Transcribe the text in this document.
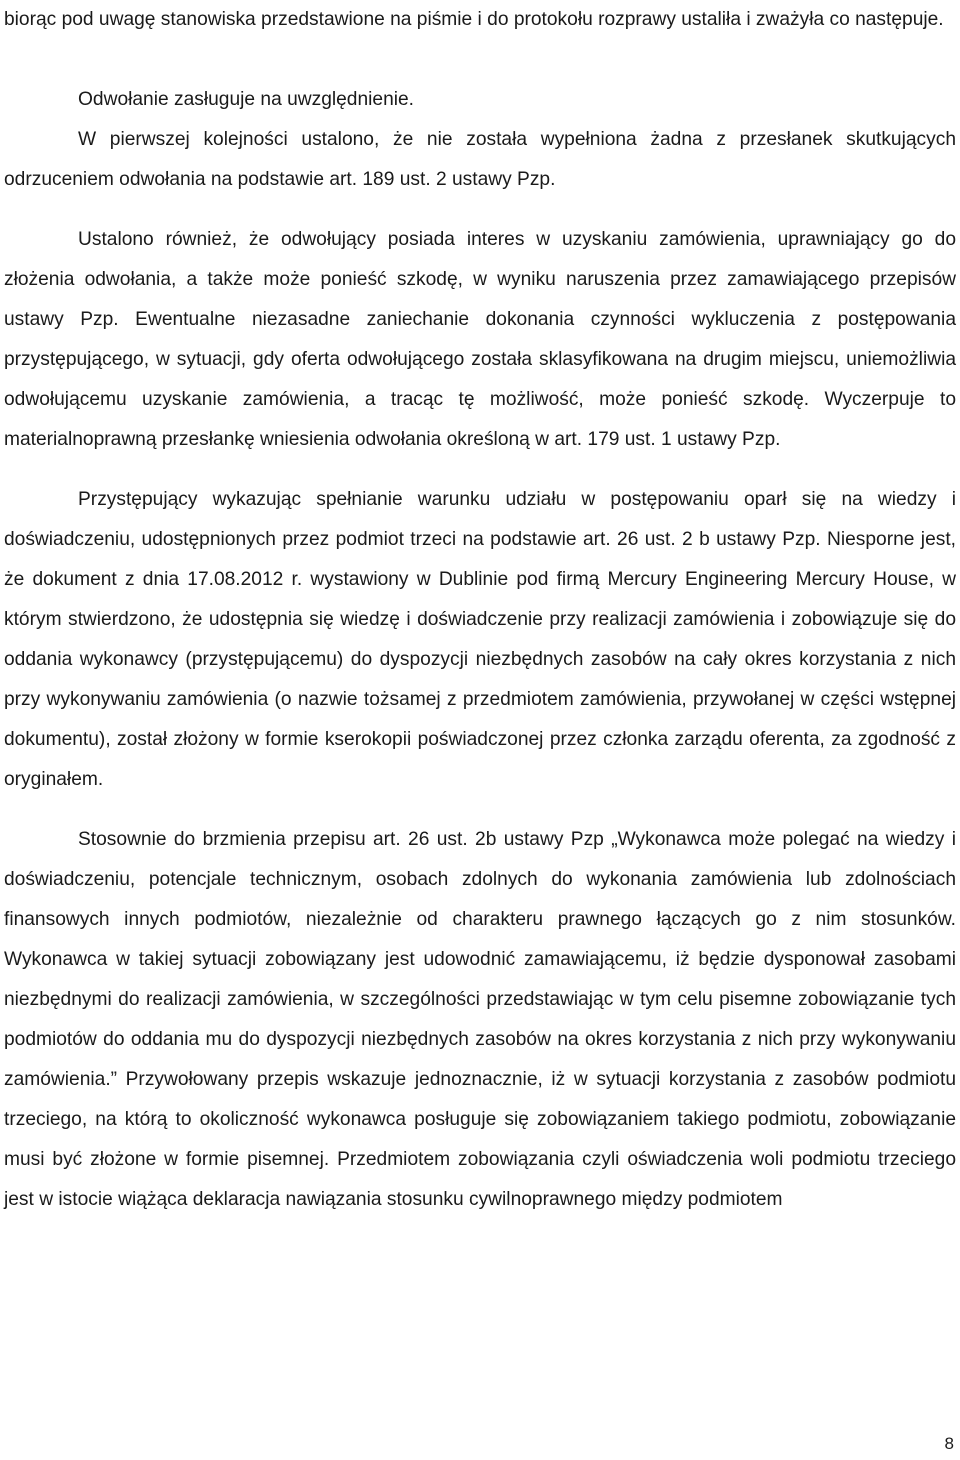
biorąc pod uwagę stanowiska przedstawione na piśmie i do protokołu rozprawy ustaliła i zważyła co następuje.

Odwołanie zasługuje na uwzględnienie.

W pierwszej kolejności ustalono, że nie została wypełniona żadna z przesłanek skutkujących odrzuceniem odwołania na podstawie art. 189 ust. 2 ustawy Pzp.

Ustalono również, że odwołujący posiada interes w uzyskaniu zamówienia, uprawniający go do złożenia odwołania, a także może ponieść szkodę, w wyniku naruszenia przez zamawiającego przepisów ustawy Pzp. Ewentualne niezasadne zaniechanie dokonania czynności wykluczenia z postępowania przystępującego, w sytuacji, gdy oferta odwołującego została sklasyfikowana na drugim miejscu, uniemożliwia odwołującemu uzyskanie zamówienia, a tracąc tę możliwość, może ponieść szkodę. Wyczerpuje to materialnoprawną przesłankę wniesienia odwołania określoną w art. 179 ust. 1 ustawy Pzp.

Przystępujący wykazując spełnianie warunku udziału w postępowaniu oparł się na wiedzy i doświadczeniu, udostępnionych przez podmiot trzeci na podstawie art. 26 ust. 2 b ustawy Pzp. Niesporne jest, że dokument z dnia 17.08.2012 r. wystawiony w Dublinie pod firmą Mercury Engineering Mercury House, w którym stwierdzono, że udostępnia się wiedzę i doświadczenie przy realizacji zamówienia i zobowiązuje się do oddania wykonawcy (przystępującemu) do dyspozycji niezbędnych zasobów na cały okres korzystania z nich przy wykonywaniu zamówienia (o nazwie tożsamej z przedmiotem zamówienia, przywołanej w części wstępnej dokumentu), został złożony w formie kserokopii poświadczonej przez członka zarządu oferenta, za zgodność z oryginałem.

Stosownie do brzmienia przepisu art. 26 ust. 2b ustawy Pzp „Wykonawca może polegać na wiedzy i doświadczeniu, potencjale technicznym, osobach zdolnych do wykonania zamówienia lub zdolnościach finansowych innych podmiotów, niezależnie od charakteru prawnego łączących go z nim stosunków. Wykonawca w takiej sytuacji zobowiązany jest udowodnić zamawiającemu, iż będzie dysponował zasobami niezbędnymi do realizacji zamówienia, w szczególności przedstawiając w tym celu pisemne zobowiązanie tych podmiotów do oddania mu do dyspozycji niezbędnych zasobów na okres korzystania z nich przy wykonywaniu zamówienia.” Przywołowany przepis wskazuje jednoznacznie, iż w sytuacji korzystania z zasobów podmiotu trzeciego, na którą to okoliczność wykonawca posługuje się zobowiązaniem takiego podmiotu, zobowiązanie musi być złożone w formie pisemnej. Przedmiotem zobowiązania czyli oświadczenia woli podmiotu trzeciego jest w istocie wiążąca deklaracja nawiązania stosunku cywilnoprawnego między podmiotem

8
